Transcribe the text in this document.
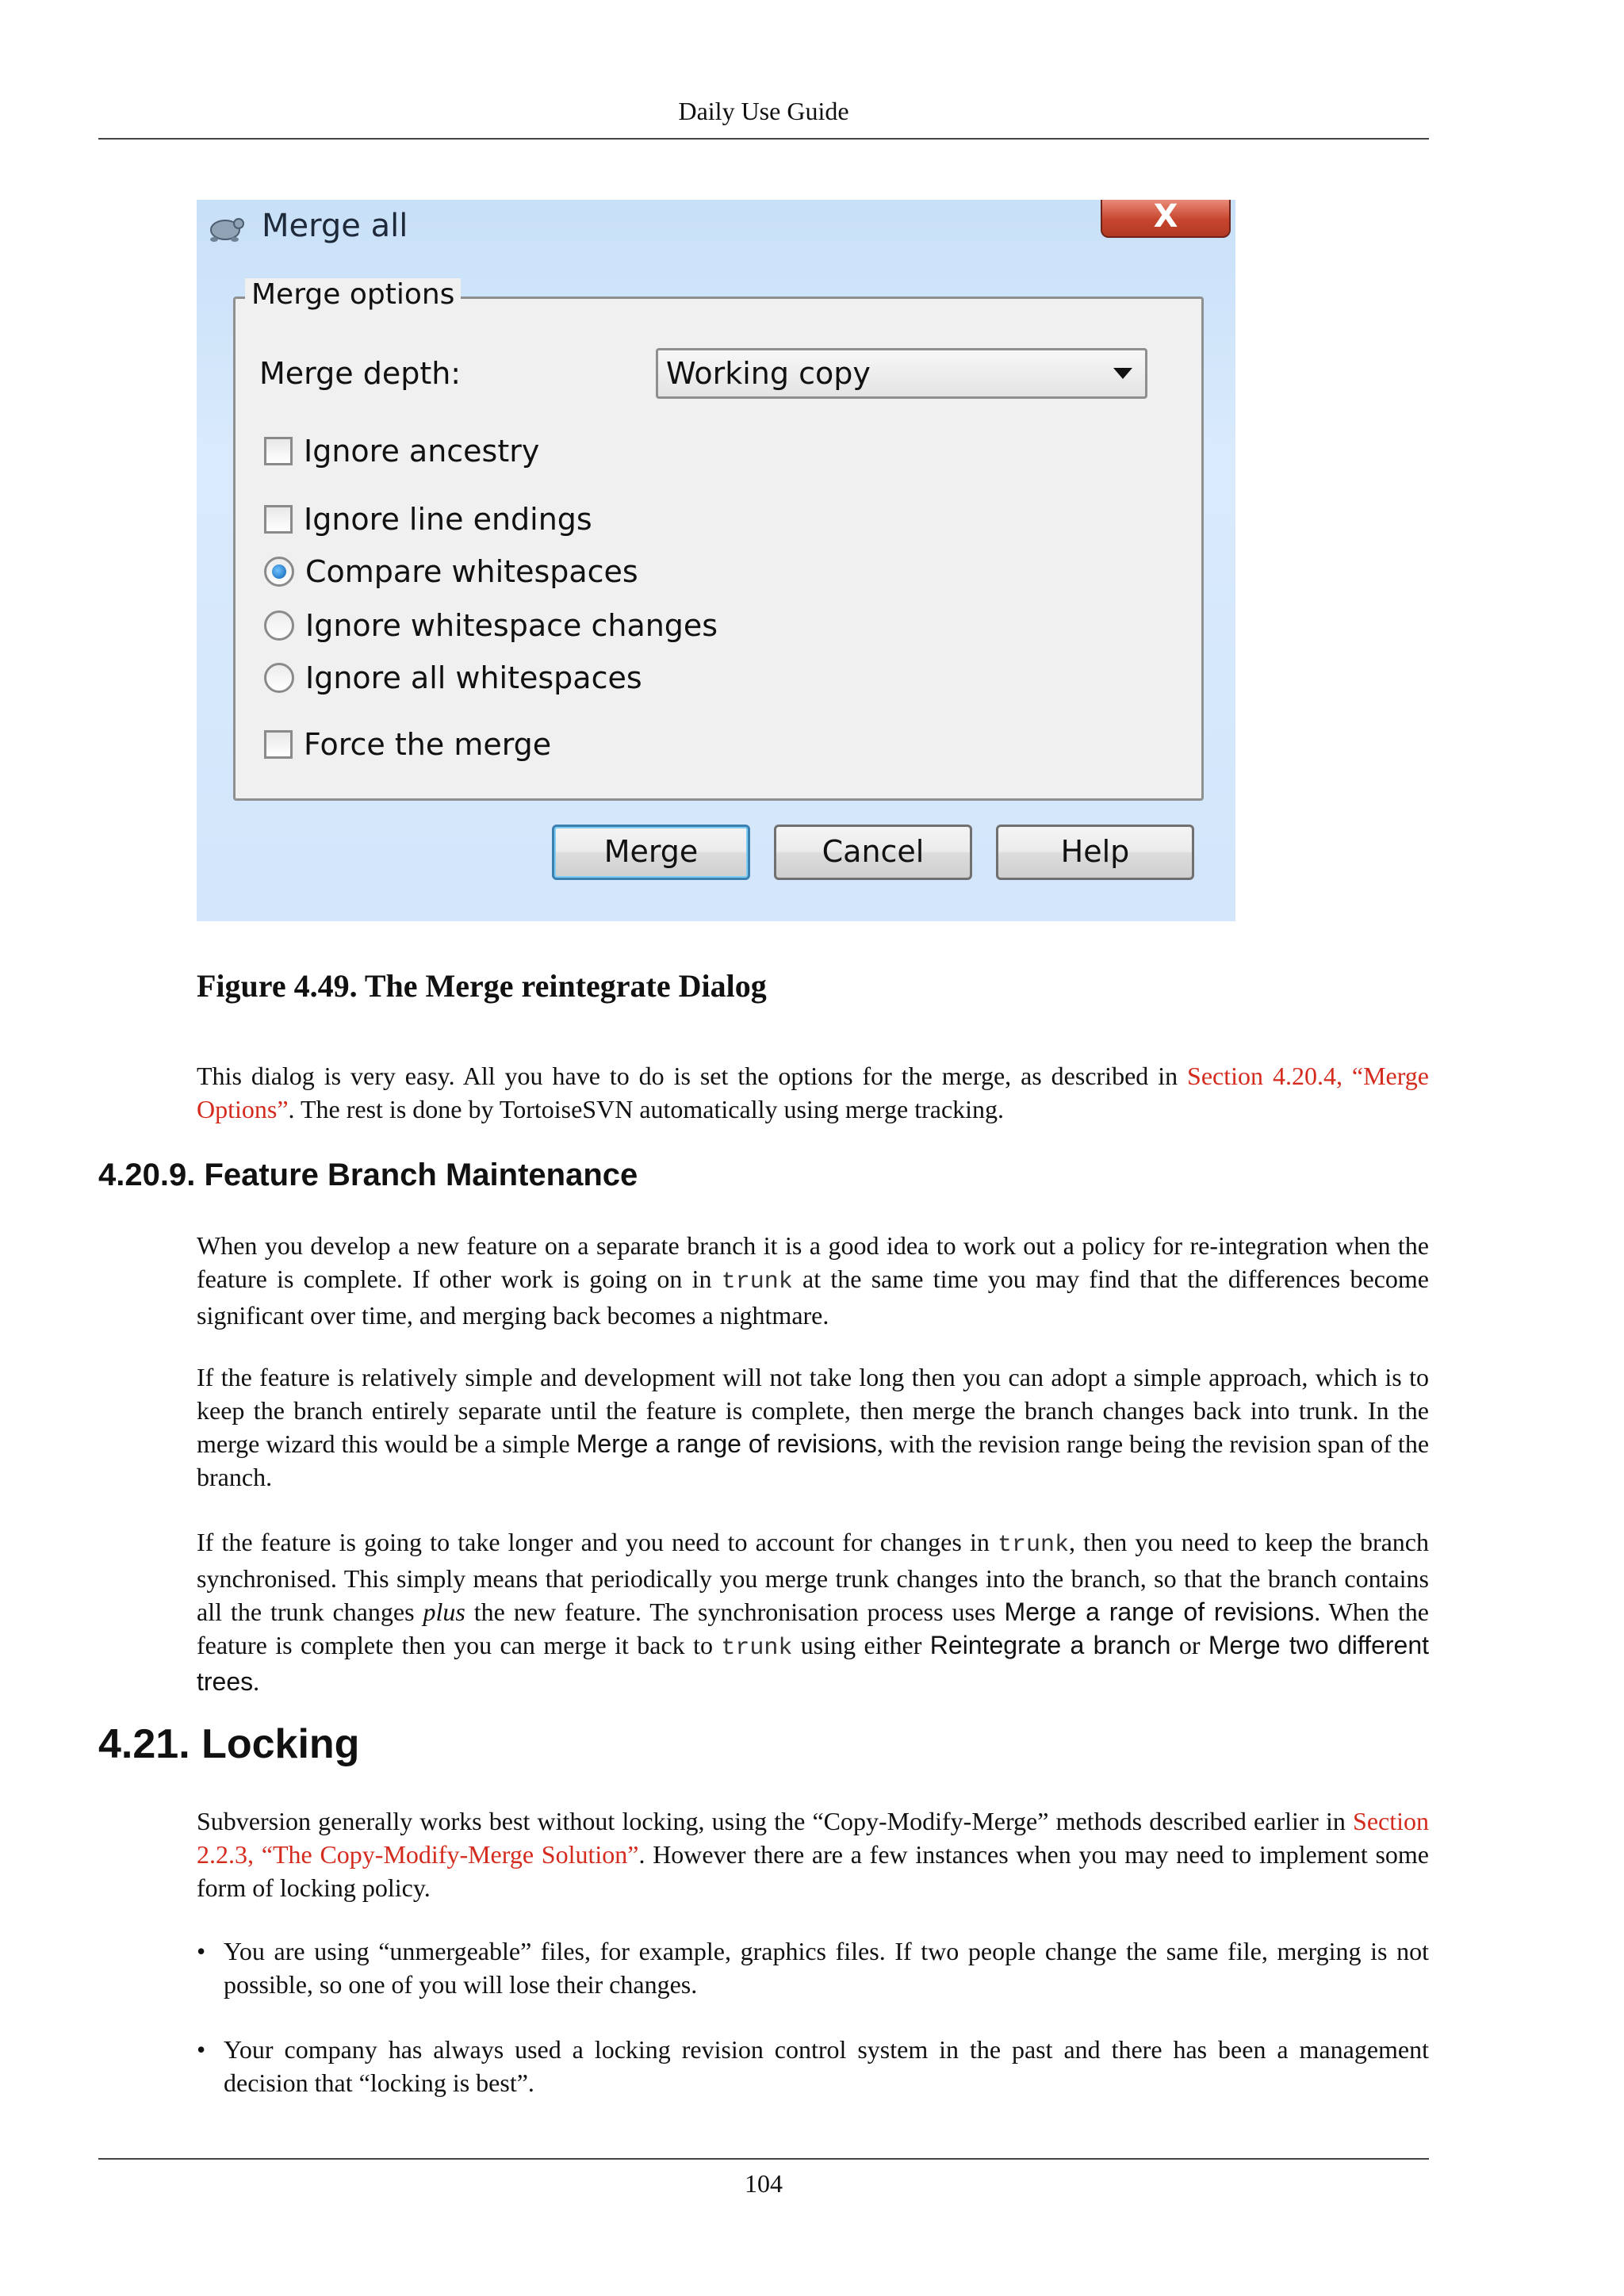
Daily Use Guide
Merge all	X
Merge options
Merge depth:	Working copy
Ignore ancestry
Ignore line endings
Compare whitespaces
Ignore whitespace changes
Ignore all whitespaces
Force the merge
Merge	Cancel	Help
Figure 4.49. The Merge reintegrate Dialog
This dialog is very easy. All you have to do is set the options for the merge, as described in Section 4.20.4, “Merge Options”. The rest is done by TortoiseSVN automatically using merge tracking.
4.20.9. Feature Branch Maintenance
When you develop a new feature on a separate branch it is a good idea to work out a policy for re-integration when the feature is complete. If other work is going on in trunk at the same time you may find that the differences become significant over time, and merging back becomes a nightmare.
If the feature is relatively simple and development will not take long then you can adopt a simple approach, which is to keep the branch entirely separate until the feature is complete, then merge the branch changes back into trunk. In the merge wizard this would be a simple Merge a range of revisions, with the revision range being the revision span of the branch.
If the feature is going to take longer and you need to account for changes in trunk, then you need to keep the branch synchronised. This simply means that periodically you merge trunk changes into the branch, so that the branch contains all the trunk changes plus the new feature. The synchronisation process uses Merge a range of revisions. When the feature is complete then you can merge it back to trunk using either Reintegrate a branch or Merge two different trees.
4.21. Locking
Subversion generally works best without locking, using the “Copy-Modify-Merge” methods described earlier in Section 2.2.3, “The Copy-Modify-Merge Solution”. However there are a few instances when you may need to implement some form of locking policy.
• You are using “unmergeable” files, for example, graphics files. If two people change the same file, merging is not possible, so one of you will lose their changes.
• Your company has always used a locking revision control system in the past and there has been a management decision that “locking is best”.
104
